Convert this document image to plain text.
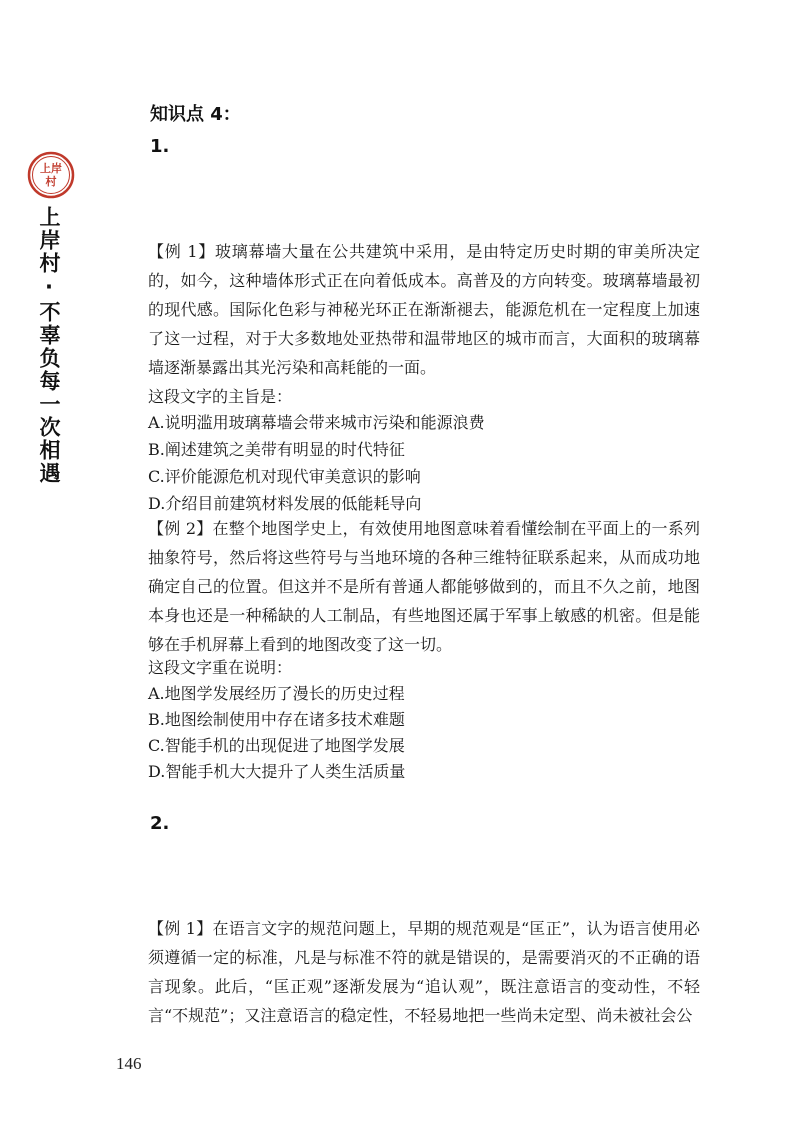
上岸
村
上岸村·不辜负每一次相遇
知识点 4：
1.
【例 1】玻璃幕墙大量在公共建筑中采用，是由特定历史时期的审美所决定的，如今，这种墙体形式正在向着低成本。高普及的方向转变。玻璃幕墙最初的现代感。国际化色彩与神秘光环正在渐渐褪去，能源危机在一定程度上加速了这一过程，对于大多数地处亚热带和温带地区的城市而言，大面积的玻璃幕墙逐渐暴露出其光污染和高耗能的一面。
这段文字的主旨是：
A.说明滥用玻璃幕墙会带来城市污染和能源浪费
B.阐述建筑之美带有明显的时代特征
C.评价能源危机对现代审美意识的影响
D.介绍目前建筑材料发展的低能耗导向
【例 2】在整个地图学史上，有效使用地图意味着看懂绘制在平面上的一系列抽象符号，然后将这些符号与当地环境的各种三维特征联系起来，从而成功地确定自己的位置。但这并不是所有普通人都能够做到的，而且不久之前，地图本身也还是一种稀缺的人工制品，有些地图还属于军事上敏感的机密。但是能够在手机屏幕上看到的地图改变了这一切。
这段文字重在说明：
A.地图学发展经历了漫长的历史过程
B.地图绘制使用中存在诸多技术难题
C.智能手机的出现促进了地图学发展
D.智能手机大大提升了人类生活质量
2.
【例 1】在语言文字的规范问题上，早期的规范观是“匡正”，认为语言使用必须遵循一定的标准，凡是与标准不符的就是错误的，是需要消灭的不正确的语言现象。此后，“匡正观”逐渐发展为“追认观”，既注意语言的变动性，不轻言“不规范”；又注意语言的稳定性，不轻易地把一些尚未定型、尚未被社会公
146
